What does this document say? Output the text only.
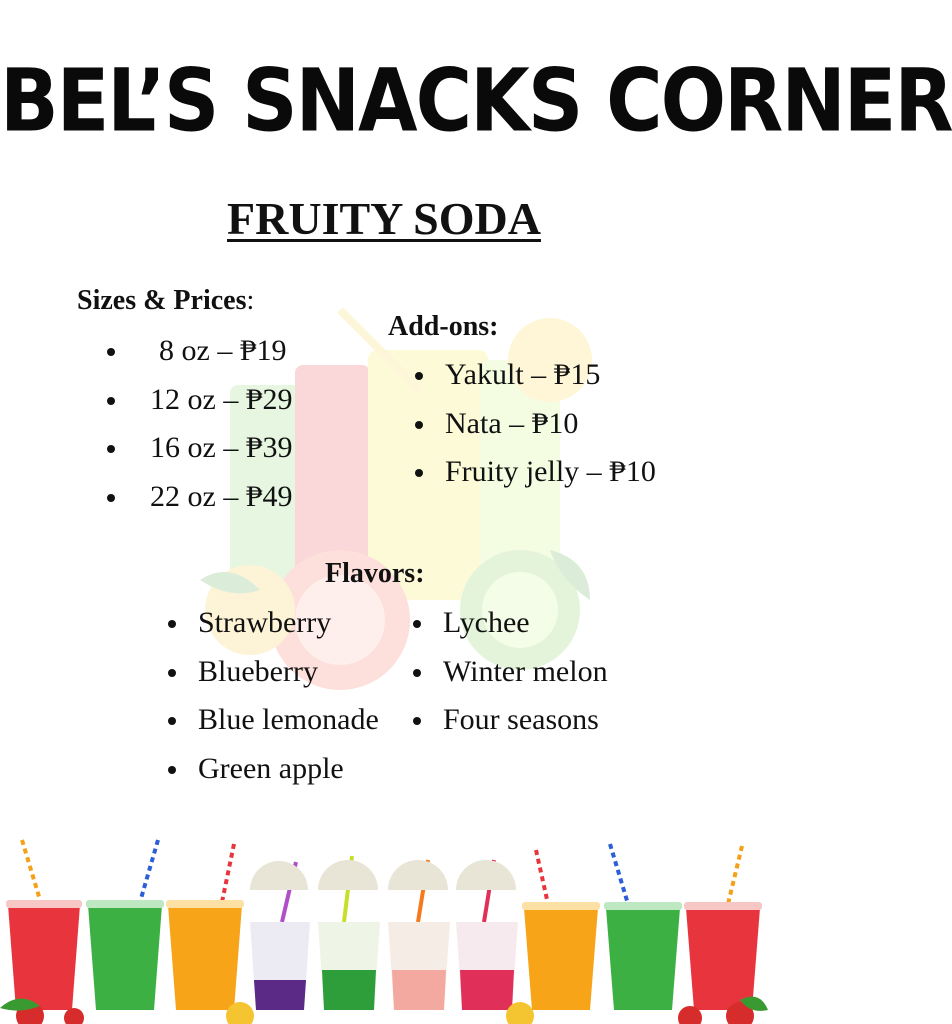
BEL’S SNACKS CORNER
FRUITY SODA
Sizes & Prices:
8 oz – ₱19
12 oz – ₱29
16 oz – ₱39
22 oz – ₱49
Add-ons:
Yakult – ₱15
Nata – ₱10
Fruity jelly – ₱10
Flavors:
Strawberry
Blueberry
Blue lemonade
Green apple
Lychee
Winter melon
Four seasons
